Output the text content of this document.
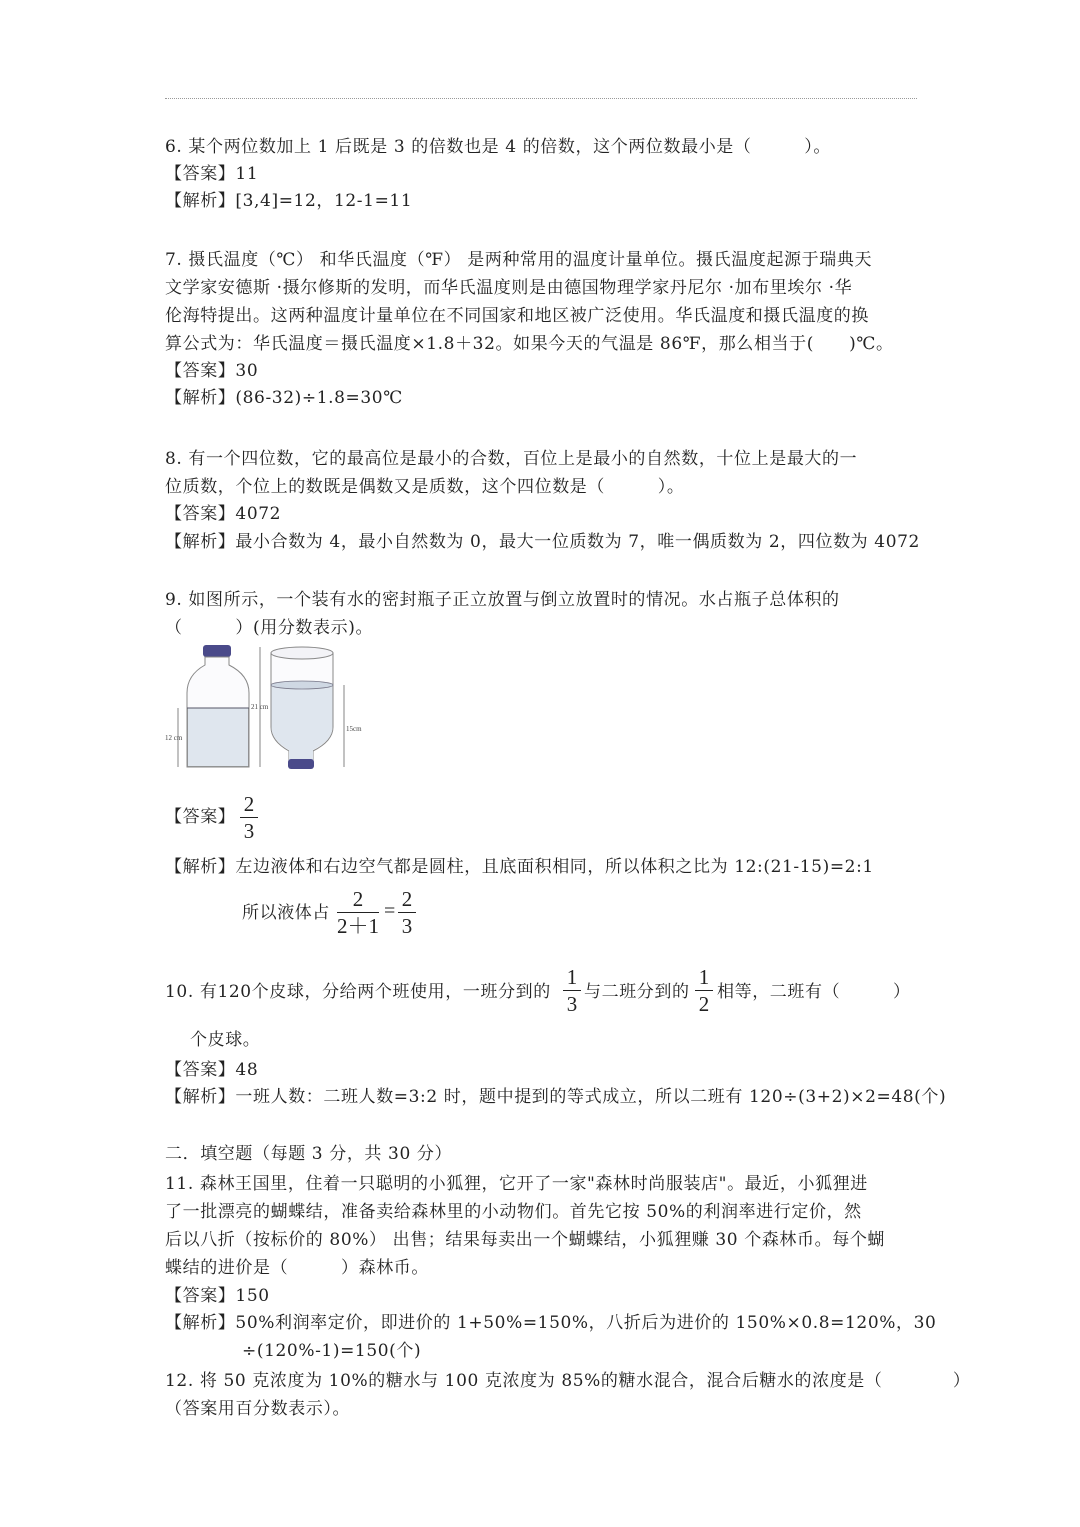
6. 某个两位数加上 1 后既是 3 的倍数也是 4 的倍数，这个两位数最小是（　　　）。
【答案】11
【解析】[3,4]=12，12-1=11
7. 摄氏温度（℃） 和华氏温度（℉） 是两种常用的温度计量单位。摄氏温度起源于瑞典天
文学家安德斯 ·摄尔修斯的发明，而华氏温度则是由德国物理学家丹尼尔 ·加布里埃尔 ·华
伦海特提出。这两种温度计量单位在不同国家和地区被广泛使用。华氏温度和摄氏温度的换
算公式为：华氏温度＝摄氏温度×1.8＋32。如果今天的气温是 86℉，那么相当于(　　)℃。
【答案】30
【解析】(86-32)÷1.8=30℃
8. 有一个四位数，它的最高位是最小的合数，百位上是最小的自然数，十位上是最大的一
位质数，个位上的数既是偶数又是质数，这个四位数是（　　　）。
【答案】4072
【解析】最小合数为 4，最小自然数为 0，最大一位质数为 7，唯一偶质数为 2，四位数为 4072
9. 如图所示，一个装有水的密封瓶子正立放置与倒立放置时的情况。水占瓶子总体积的
（　　　）(用分数表示)。
12 cm
21 cm
15cm
【答案】
2
3
【解析】左边液体和右边空气都是圆柱，且底面积相同，所以体积之比为 12:(21-15)=2:1
所以液体占
2
2＋1
= 2
3
10. 有120个皮球，分给两个班使用，一班分到的
1
3 与二班分到的
1
2 相等，二班有（　　　）
个皮球。
【答案】48
【解析】一班人数：二班人数=3:2 时，题中提到的等式成立，所以二班有 120÷(3+2)×2=48(个)
二．填空题（每题 3 分，共 30 分）
11. 森林王国里，住着一只聪明的小狐狸，它开了一家"森林时尚服装店"。最近，小狐狸进
了一批漂亮的蝴蝶结，准备卖给森林里的小动物们。首先它按 50%的利润率进行定价，然
后以八折（按标价的 80%） 出售；结果每卖出一个蝴蝶结，小狐狸赚 30 个森林币。每个蝴
蝶结的进价是（　　　）森林币。
【答案】150
【解析】50%利润率定价，即进价的 1+50%=150%，八折后为进价的 150%×0.8=120%，30
÷(120%-1)=150(个)
12. 将 50 克浓度为 10%的糖水与 100 克浓度为 85%的糖水混合，混合后糖水的浓度是（　　　　）
（答案用百分数表示）。
